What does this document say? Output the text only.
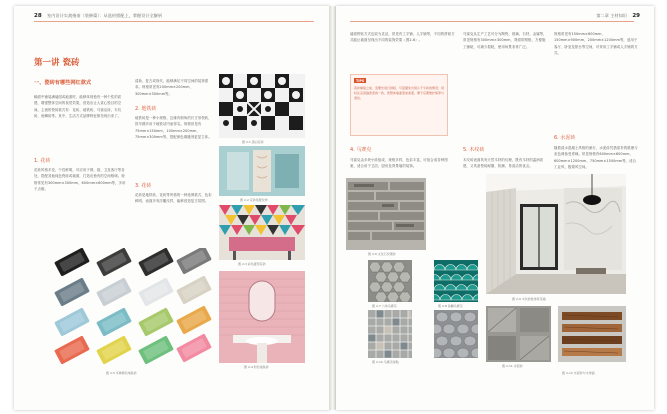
28 室内设计实战指南（装修篇）：从选材搭配上，掌握设计全解析
第一讲 瓷砖
一、瓷砖有哪些网红款式

釉面中铺装满墙面或地面时，能够体现独有一种个性的质感，增强整体空间的视觉效果，营造出让人赏心悦目的空间。主流的瓷砖款式有：花砖、地铁砖、马赛克砖、木纹砖、鱼鳞砖等。其中，生活方式品牌特征都呈现出来了。

1. 花砖

花砖风格多变、个性鲜明，可应用于餐、厨、卫及客厅等各处，搭配其他纯色瓷砖或墙面，打造出独有的空间格调。规格常见有300mm×300mm、600mm×600mm等，多用于点缀。

清新、复古或现代，能够满足不同空间的装饰需求。规格常见有200mm×200mm、300mm×300mm等。

2. 地铁砖

地铁砖是一种小规格、边缘有倒角的长方形瓷砖，因早期多用于地铁站内而得名。规格常见有75mm×150mm、100mm×200mm、75mm×300mm等，搭配深色填缝剂更显立体。

3. 花砖

花砖是地铁砖、花砖等风格的一种延伸款式，色彩鲜明，表面多有浮雕纹样，能够营造复古氛围。

图 2-1 黑白花砖
图 2-2 花砖搭配纹样
图 2-3 彩色菱形花砖
图 2-4 粉色地铁砖
图 2-5 多种颜色地铁砖
第二章 主材知识 29

墙面拼贴方式也较为灵活，常见有工字铺、人字铺等，不同的拼贴方式能让墙面呈现出不同的装饰效果（图2-6）。

TIPS
瓷砖铺贴之前，需要先进行排版，尽量避免出现小于半砖的情况；同时注意留缝宽度的一致，使整体墙面更加美观，便于后期维护保养与清洁。
4. 马赛克

马赛克由多块小砖组成，规格多样，色彩丰富，可组合成各种图案，适合用于卫浴、厨房及背景墙的装饰。

马赛克从生产工艺可分为陶瓷、玻璃、石材、金属等，常见规格有300mm×300mm，背面带网格，方便施工铺贴，可减少损耗，使用场景非常广泛。

5. 木纹砖

木纹砖表面具有天然木材的纹理，既有木材的温润质感，又具备瓷砖耐磨、防潮、易清洁的优点。

规格常见有150mm×600mm、150mm×900mm、200mm×1200mm等，适用于客厅、卧室及阳台等空间，可采用工字铺或人字铺的方式。

6. 水泥砖

随着清水混凝土风格的流行，水泥砖凭借质朴的肌理与灰色调备受青睐。常见规格有600mm×600mm、600mm×1200mm、750mm×1500mm等，适合工业风、极简风空间。

图 2-6 文化石纹理砖
图 2-7 六角马赛克	图 2-8 鱼鳞马赛克
图 2-10 马赛克拼贴
图 2-9 木纹砖装饰背景墙
图 2-11 水泥砖
图 2-12 水泥砖与木饰面
